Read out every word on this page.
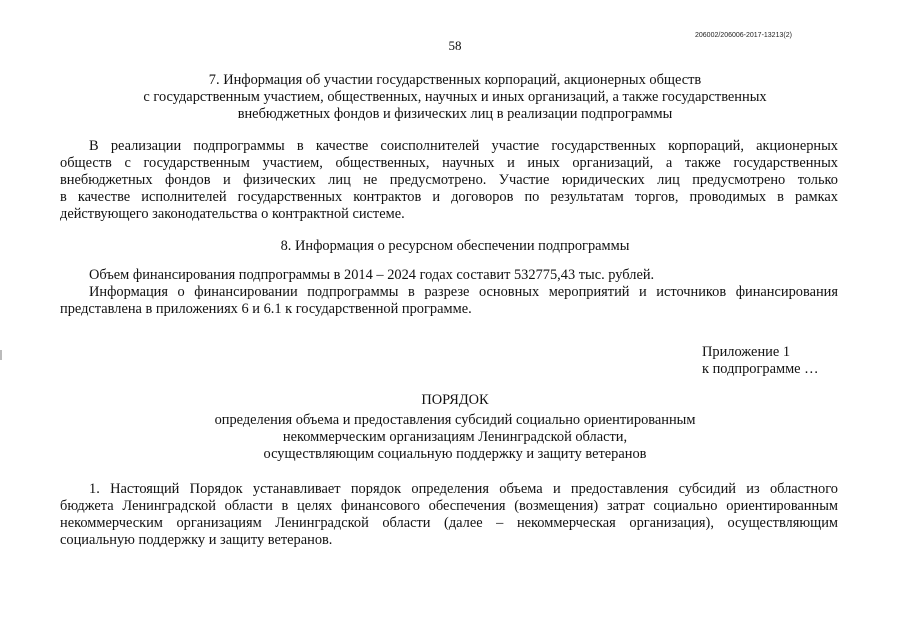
206002/206006-2017-13213(2)
58
7. Информация об участии государственных корпораций, акционерных обществ
с государственным участием, общественных, научных и иных организаций, а также государственных
внебюджетных фондов и физических лиц в реализации подпрограммы
В реализации подпрограммы в качестве соисполнителей участие государственных корпораций, акционерных
обществ с государственным участием, общественных, научных и иных организаций, а также государственных
внебюджетных фондов и физических лиц не предусмотрено. Участие юридических лиц предусмотрено только
в качестве исполнителей государственных контрактов и договоров по результатам торгов, проводимых в рамках
действующего законодательства о контрактной системе.
8. Информация о ресурсном обеспечении подпрограммы
Объем финансирования подпрограммы в 2014 – 2024 годах составит 532775,43 тыс. рублей.
Информация о финансировании подпрограммы в разрезе основных мероприятий и источников финансирования
представлена в приложениях 6 и 6.1 к государственной программе.
Приложение 1
к подпрограмме …
ПОРЯДОК
определения объема и предоставления субсидий социально ориентированным
некоммерческим организациям Ленинградской области,
осуществляющим социальную поддержку и защиту ветеранов
1. Настоящий Порядок устанавливает порядок определения объема и предоставления субсидий из областного
бюджета Ленинградской области в целях финансового обеспечения (возмещения) затрат социально ориентированным
некоммерческим организациям Ленинградской области (далее – некоммерческая организация), осуществляющим
социальную поддержку и защиту ветеранов.
